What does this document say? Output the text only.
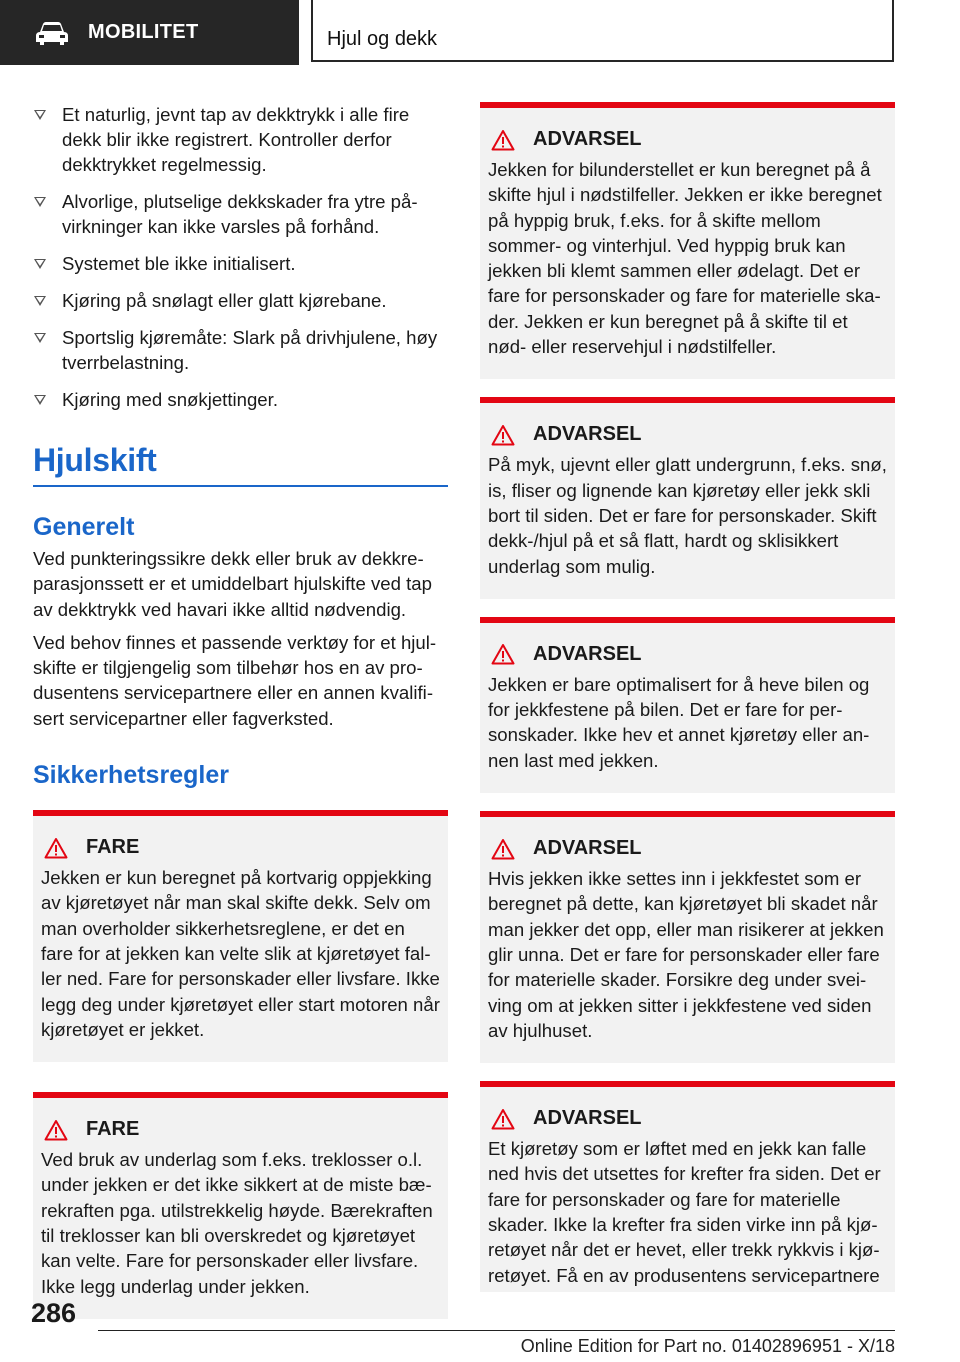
MOBILITET	Hjul og dekk
Et naturlig, jevnt tap av dekktrykk i alle fire dekk blir ikke registrert. Kontroller derfor dekktrykket regelmessig.
Alvorlige, plutselige dekkskader fra ytre påvirkninger kan ikke varsles på forhånd.
Systemet ble ikke initialisert.
Kjøring på snølagt eller glatt kjørebane.
Sportslig kjøremåte: Slark på drivhjulene, høy tverrbelastning.
Kjøring med snøkjettinger.
Hjulskift
Generelt

Ved punkteringssikre dekk eller bruk av dekkreparasjonssett er et umiddelbart hjulskifte ved tap av dekktrykk ved havari ikke alltid nødvendig.

Ved behov finnes et passende verktøy for et hjulskifte er tilgjengelig som tilbehør hos en av produsentens servicepartnere eller en annen kvalifisert servicepartner eller fagverksted.

Sikkerhetsregler
FARE

Jekken er kun beregnet på kortvarig oppjekking av kjøretøyet når man skal skifte dekk. Selv om man overholder sikkerhetsreglene, er det en fare for at jekken kan velte slik at kjøretøyet faller ned. Fare for personskader eller livsfare. Ikke legg deg under kjøretøyet eller start motoren når kjøretøyet er jekket.

FARE

Ved bruk av underlag som f.eks. treklosser o.l. under jekken er det ikke sikkert at de miste bærekraften pga. utilstrekkelig høyde. Bærekraften til treklosser kan bli overskredet og kjøretøyet kan velte. Fare for personskader eller livsfare. Ikke legg underlag under jekken.

ADVARSEL

Jekken for bilunderstellet er kun beregnet på å skifte hjul i nødstilfeller. Jekken er ikke beregnet på hyppig bruk, f.eks. for å skifte mellom sommer- og vinterhjul. Ved hyppig bruk kan jekken bli klemt sammen eller ødelagt. Det er fare for personskader og fare for materielle skader. Jekken er kun beregnet på å skifte til et nød- eller reservehjul i nødstilfeller.

ADVARSEL

På myk, ujevnt eller glatt undergrunn, f.eks. snø, is, fliser og lignende kan kjøretøy eller jekk skli bort til siden. Det er fare for personskader. Skift dekk-/hjul på et så flatt, hardt og sklisikkert underlag som mulig.

ADVARSEL

Jekken er bare optimalisert for å heve bilen og for jekkfestene på bilen. Det er fare for personskader. Ikke hev et annet kjøretøy eller annen last med jekken.

ADVARSEL

Hvis jekken ikke settes inn i jekkfestet som er beregnet på dette, kan kjøretøyet bli skadet når man jekker det opp, eller man risikerer at jekken glir unna. Det er fare for personskader eller fare for materielle skader. Forsikre deg under sveiving om at jekken sitter i jekkfestene ved siden av hjulhuset.

ADVARSEL

Et kjøretøy som er løftet med en jekk kan falle ned hvis det utsettes for krefter fra siden. Det er fare for personskader og fare for materielle skader. Ikke la krefter fra siden virke inn på kjøretøyet når det er hevet, eller trekk rykkvis i kjøretøyet. Få en av produsentens servicepartnere

286
Online Edition for Part no. 01402896951 - X/18
